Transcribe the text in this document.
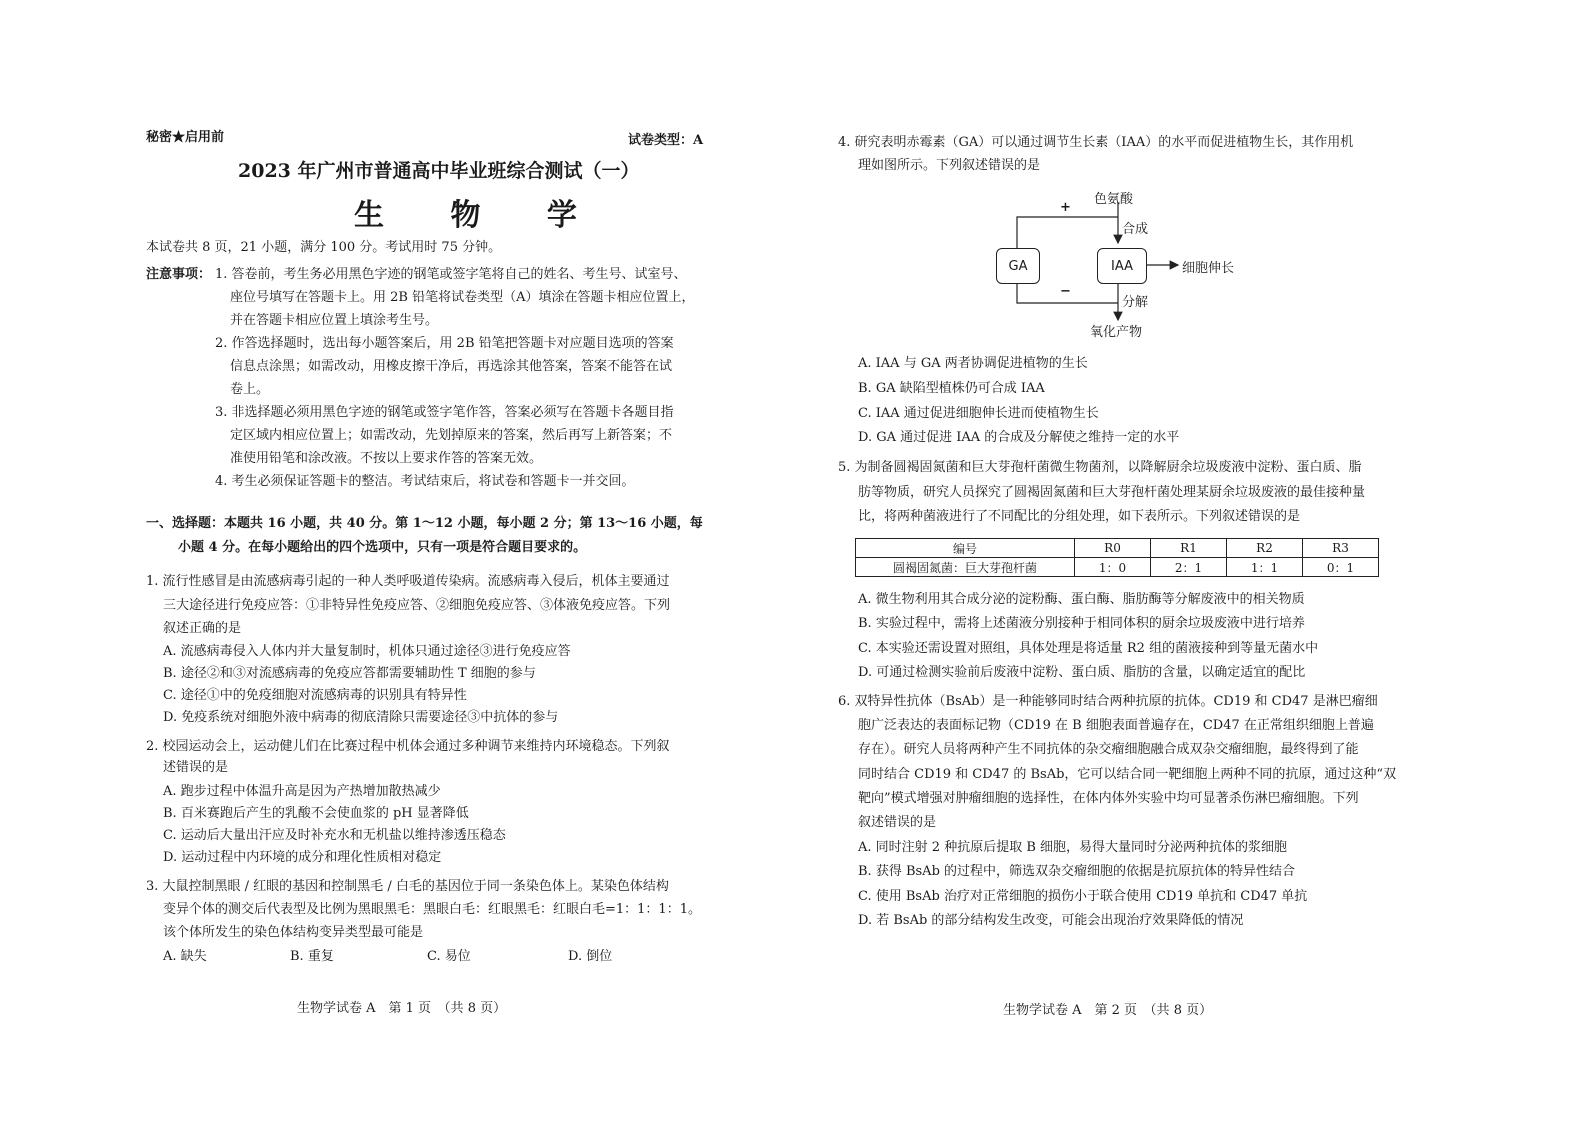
秘密★启用前	试卷类型：A
2023 年广州市普通高中毕业班综合测试（一）
生 物 学
本试卷共 8 页，21 小题，满分 100 分。考试用时 75 分钟。
注意事项： 1. 答卷前，考生务必用黑色字迹的钢笔或签字笔将自己的姓名、考生号、试室号、
座位号填写在答题卡上。用 2B 铅笔将试卷类型（A）填涂在答题卡相应位置上，
并在答题卡相应位置上填涂考生号。
2. 作答选择题时，选出每小题答案后，用 2B 铅笔把答题卡对应题目选项的答案
信息点涂黑；如需改动，用橡皮擦干净后，再选涂其他答案，答案不能答在试
卷上。
3. 非选择题必须用黑色字迹的钢笔或签字笔作答，答案必须写在答题卡各题目指
定区域内相应位置上；如需改动，先划掉原来的答案，然后再写上新答案；不
准使用铅笔和涂改液。不按以上要求作答的答案无效。
4. 考生必须保证答题卡的整洁。考试结束后，将试卷和答题卡一并交回。
一、选择题：本题共 16 小题，共 40 分。第 1～12 小题，每小题 2 分；第 13～16 小题，每
小题 4 分。在每小题给出的四个选项中，只有一项是符合题目要求的。
1. 流行性感冒是由流感病毒引起的一种人类呼吸道传染病。流感病毒入侵后，机体主要通过
三大途径进行免疫应答：①非特异性免疫应答、②细胞免疫应答、③体液免疫应答。下列
叙述正确的是
A. 流感病毒侵入人体内并大量复制时，机体只通过途径③进行免疫应答
B. 途径②和③对流感病毒的免疫应答都需要辅助性 T 细胞的参与
C. 途径①中的免疫细胞对流感病毒的识别具有特异性
D. 免疫系统对细胞外液中病毒的彻底清除只需要途径③中抗体的参与
2. 校园运动会上，运动健儿们在比赛过程中机体会通过多种调节来维持内环境稳态。下列叙
述错误的是
A. 跑步过程中体温升高是因为产热增加散热减少
B. 百米赛跑后产生的乳酸不会使血浆的 pH 显著降低
C. 运动后大量出汗应及时补充水和无机盐以维持渗透压稳态
D. 运动过程中内环境的成分和理化性质相对稳定
3. 大鼠控制黑眼 / 红眼的基因和控制黑毛 / 白毛的基因位于同一条染色体上。某染色体结构
变异个体的测交后代表型及比例为黑眼黑毛：黑眼白毛：红眼黑毛：红眼白毛=1：1：1：1。
该个体所发生的染色体结构变异类型最可能是
A. 缺失	B. 重复	C. 易位	D. 倒位
生物学试卷 A　第 1 页　（共 8 页）
4. 研究表明赤霉素（GA）可以通过调节生长素（IAA）的水平而促进植物生长，其作用机
理如图所示。下列叙述错误的是
GA	IAA
色氨酸
+
合成
细胞伸长
−
分解
氧化产物
A. IAA 与 GA 两者协调促进植物的生长
B. GA 缺陷型植株仍可合成 IAA
C. IAA 通过促进细胞伸长进而使植物生长
D. GA 通过促进 IAA 的合成及分解使之维持一定的水平
5. 为制备圆褐固氮菌和巨大芽孢杆菌微生物菌剂，以降解厨余垃圾废液中淀粉、蛋白质、脂
肪等物质，研究人员探究了圆褐固氮菌和巨大芽孢杆菌处理某厨余垃圾废液的最佳接种量
比，将两种菌液进行了不同配比的分组处理，如下表所示。下列叙述错误的是
编号	R0	R1	R2	R3
圆褐固氮菌：巨大芽孢杆菌	1：0	2：1	1：1	0：1
A. 微生物利用其合成分泌的淀粉酶、蛋白酶、脂肪酶等分解废液中的相关物质
B. 实验过程中，需将上述菌液分别接种于相同体积的厨余垃圾废液中进行培养
C. 本实验还需设置对照组，具体处理是将适量 R2 组的菌液接种到等量无菌水中
D. 可通过检测实验前后废液中淀粉、蛋白质、脂肪的含量，以确定适宜的配比
6. 双特异性抗体（BsAb）是一种能够同时结合两种抗原的抗体。CD19 和 CD47 是淋巴瘤细
胞广泛表达的表面标记物（CD19 在 B 细胞表面普遍存在，CD47 在正常组织细胞上普遍
存在）。研究人员将两种产生不同抗体的杂交瘤细胞融合成双杂交瘤细胞，最终得到了能
同时结合 CD19 和 CD47 的 BsAb，它可以结合同一靶细胞上两种不同的抗原，通过这种“双
靶向”模式增强对肿瘤细胞的选择性，在体内体外实验中均可显著杀伤淋巴瘤细胞。下列
叙述错误的是
A. 同时注射 2 种抗原后提取 B 细胞，易得大量同时分泌两种抗体的浆细胞
B. 获得 BsAb 的过程中，筛选双杂交瘤细胞的依据是抗原抗体的特异性结合
C. 使用 BsAb 治疗对正常细胞的损伤小于联合使用 CD19 单抗和 CD47 单抗
D. 若 BsAb 的部分结构发生改变，可能会出现治疗效果降低的情况
生物学试卷 A　第 2 页　（共 8 页）
